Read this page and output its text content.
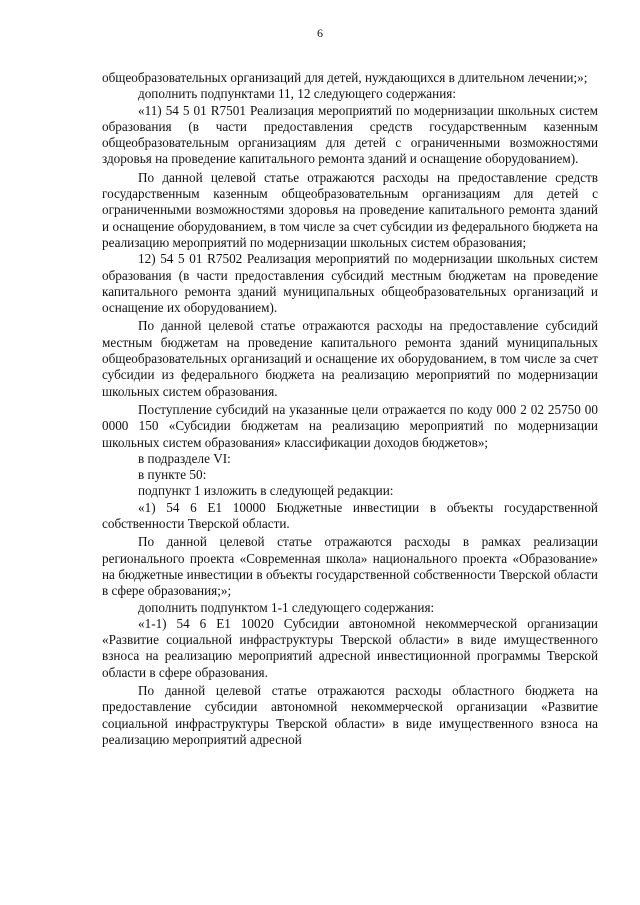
6

общеобразовательных организаций для детей, нуждающихся в длительном лечении;»;

дополнить подпунктами 11, 12 следующего содержания:

«11) 54 5 01 R7501 Реализация мероприятий по модернизации школьных систем образования (в части предоставления средств государственным казенным общеобразовательным организациям для детей с ограниченными возможностями здоровья на проведение капитального ремонта зданий и оснащение оборудованием).

По данной целевой статье отражаются расходы на предоставление средств государственным казенным общеобразовательным организациям для детей с ограниченными возможностями здоровья на проведение капитального ремонта зданий и оснащение оборудованием, в том числе за счет субсидии из федерального бюджета на реализацию мероприятий по модернизации школьных систем образования;

12) 54 5 01 R7502 Реализация мероприятий по модернизации школьных систем образования (в части предоставления субсидий местным бюджетам на проведение капитального ремонта зданий муниципальных общеобразовательных организаций и оснащение их оборудованием).

По данной целевой статье отражаются расходы на предоставление субсидий местным бюджетам на проведение капитального ремонта зданий муниципальных общеобразовательных организаций и оснащение их оборудованием, в том числе за счет субсидии из федерального бюджета на реализацию мероприятий по модернизации школьных систем образования.

Поступление субсидий на указанные цели отражается по коду 000 2 02 25750 00 0000 150 «Субсидии бюджетам на реализацию мероприятий по модернизации школьных систем образования» классификации доходов бюджетов»;

в подразделе VI:

в пункте 50:

подпункт 1 изложить в следующей редакции:

«1) 54 6 Е1 10000 Бюджетные инвестиции в объекты государственной собственности Тверской области.

По данной целевой статье отражаются расходы в рамках реализации регионального проекта «Современная школа» национального проекта «Образование» на бюджетные инвестиции в объекты государственной собственности Тверской области в сфере образования;»;

дополнить подпунктом 1-1 следующего содержания:

«1-1) 54 6 Е1 10020 Субсидии автономной некоммерческой организации «Развитие социальной инфраструктуры Тверской области» в виде имущественного взноса на реализацию мероприятий адресной инвестиционной программы Тверской области в сфере образования.

По данной целевой статье отражаются расходы областного бюджета на предоставление субсидии автономной некоммерческой организации «Развитие социальной инфраструктуры Тверской области» в виде имущественного взноса на реализацию мероприятий адресной
